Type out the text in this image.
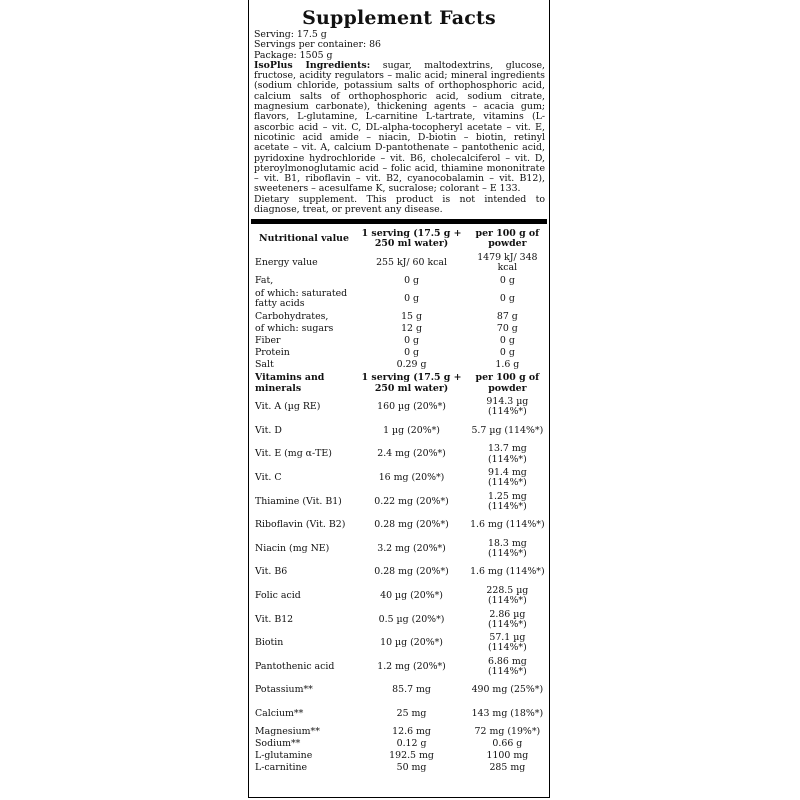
Supplement Facts
Serving: 17.5 g
Servings per container: 86
Package: 1505 g
IsoPlus Ingredients: sugar, maltodextrins, glucose, fructose, acidity regulators – malic acid; mineral ingredients (sodium chloride, potassium salts of orthophosphoric acid, calcium salts of orthophosphoric acid, sodium citrate, magnesium carbonate), thickening agents – acacia gum; flavors, L-glutamine, L-carnitine L-tartrate, vitamins (L-ascorbic acid – vit. C, DL-alpha-tocopheryl acetate – vit. E, nicotinic acid amide – niacin, D-biotin – biotin, retinyl acetate – vit. A, calcium D-pantothenate – pantothenic acid, pyridoxine hydrochloride – vit. B6, cholecalciferol – vit. D, pteroylmonoglutamic acid – folic acid, thiamine mononitrate – vit. B1, riboflavin – vit. B2, cyanocobalamin – vit. B12), sweeteners – acesulfame K, sucralose; colorant – E 133.
Dietary supplement. This product is not intended to diagnose, treat, or prevent any disease.
Nutritional value	1 serving (17.5 g + 250 ml water)	per 100 g of powder
Energy value	255 kJ/ 60 kcal	1479 kJ/ 348 kcal
Fat,	0 g	0 g
of which: saturated fatty acids	0 g	0 g
Carbohydrates,	15 g	87 g
of which: sugars	12 g	70 g
Fiber	0 g	0 g
Protein	0 g	0 g
Salt	0.29 g	1.6 g
Vitamins and minerals	1 serving (17.5 g + 250 ml water)	per 100 g of powder
Vit. A (µg RE)	160 µg (20%*)	914.3 µg (114%*)
Vit. D	1 µg (20%*)	5.7 µg (114%*)
Vit. E (mg α-TE)	2.4 mg (20%*)	13.7 mg (114%*)
Vit. C	16 mg (20%*)	91.4 mg (114%*)
Thiamine (Vit. B1)	0.22 mg (20%*)	1.25 mg (114%*)
Riboflavin (Vit. B2)	0.28 mg (20%*)	1.6 mg (114%*)
Niacin (mg NE)	3.2 mg (20%*)	18.3 mg (114%*)
Vit. B6	0.28 mg (20%*)	1.6 mg (114%*)
Folic acid	40 µg (20%*)	228.5 µg (114%*)
Vit. B12	0.5 µg (20%*)	2.86 µg (114%*)
Biotin	10 µg (20%*)	57.1 µg (114%*)
Pantothenic acid	1.2 mg (20%*)	6.86 mg (114%*)
Potassium**	85.7 mg	490 mg (25%*)
Calcium**	25 mg	143 mg (18%*)
Magnesium**	12.6 mg	72 mg (19%*)
Sodium**	0.12 g	0.66 g
L-glutamine	192.5 mg	1100 mg
L-carnitine	50 mg	285 mg
